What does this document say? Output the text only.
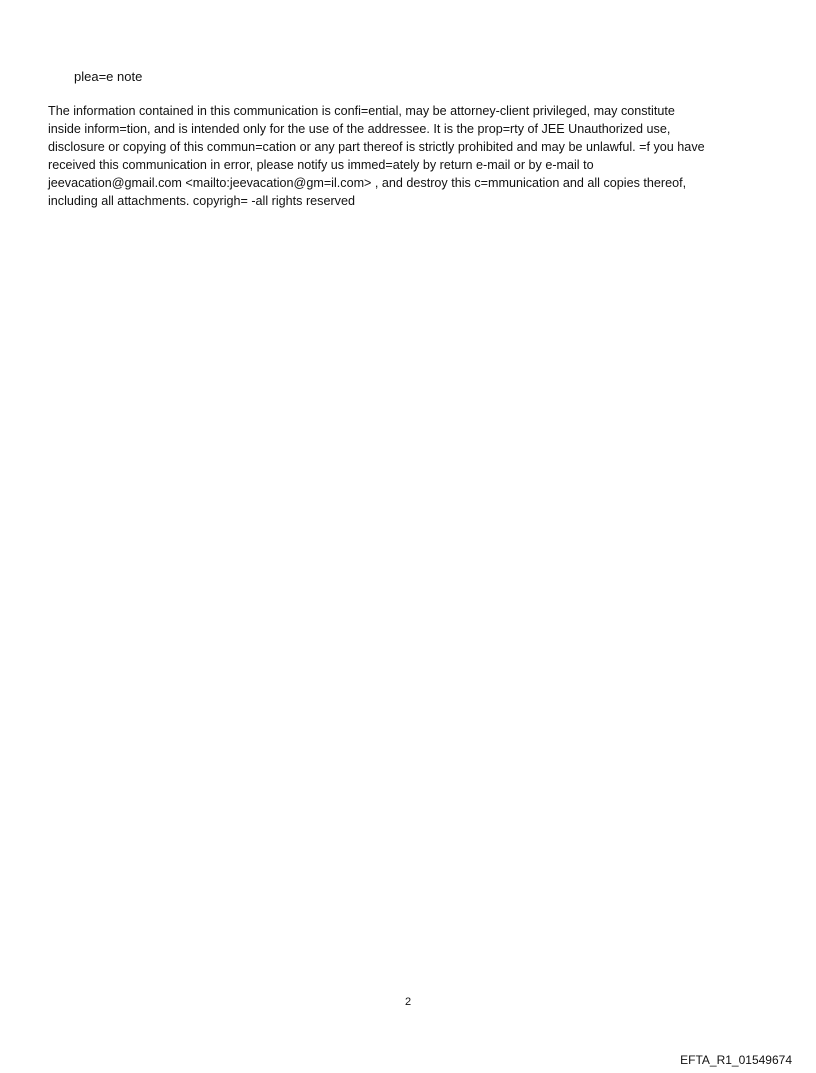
plea=e note
The information contained in this communication is confi=ential, may be attorney-client privileged, may constitute
inside inform=tion, and is intended only for the use of the addressee. It is the prop=rty of JEE Unauthorized use,
disclosure or copying of this commun=cation or any part thereof is strictly prohibited and may be unlawful. =f you have
received this communication in error, please notify us immed=ately by return e-mail or by e-mail to
jeevacation@gmail.com <mailto:jeevacation@gm=il.com> , and destroy this c=mmunication and all copies thereof,
including all attachments. copyrigh= -all rights reserved
2
EFTA_R1_01549674
